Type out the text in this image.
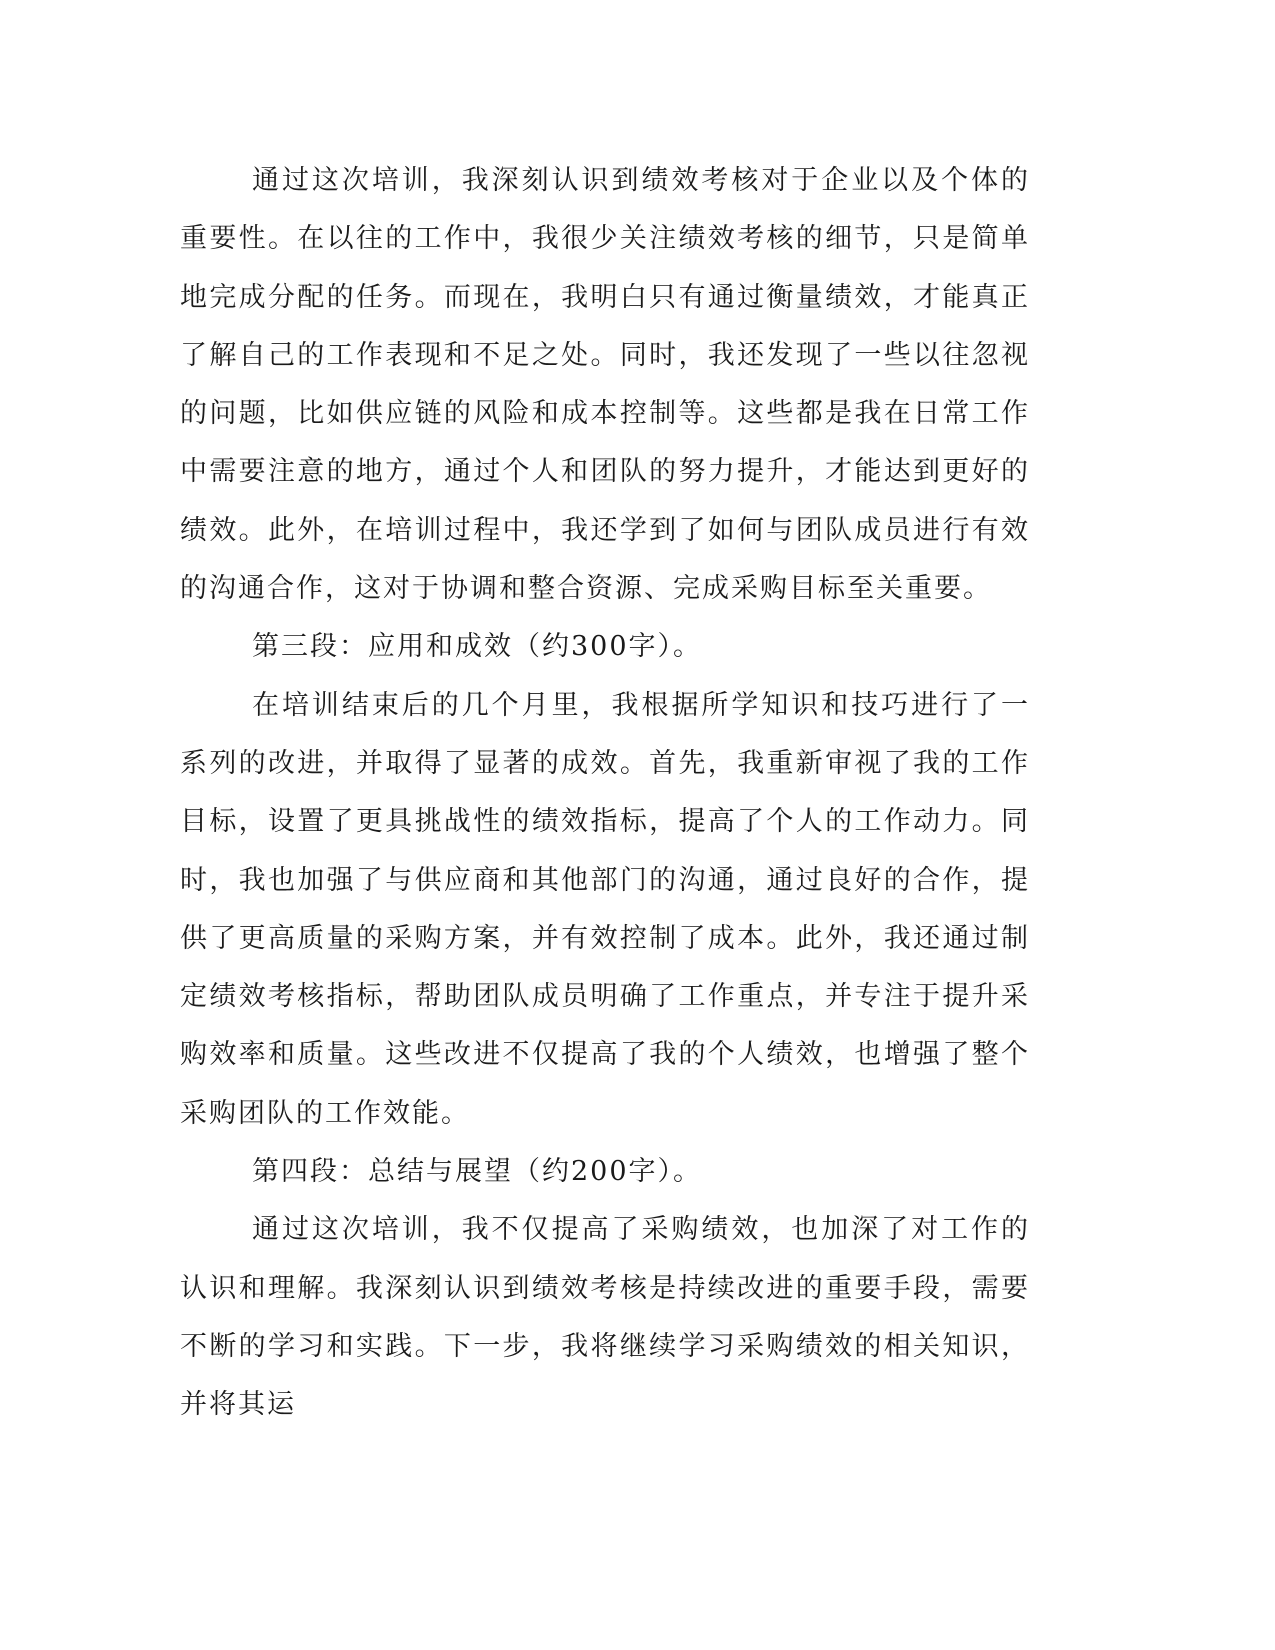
通过这次培训，我深刻认识到绩效考核对于企业以及个体的重要性。在以往的工作中，我很少关注绩效考核的细节，只是简单地完成分配的任务。而现在，我明白只有通过衡量绩效，才能真正了解自己的工作表现和不足之处。同时，我还发现了一些以往忽视的问题，比如供应链的风险和成本控制等。这些都是我在日常工作中需要注意的地方，通过个人和团队的努力提升，才能达到更好的绩效。此外，在培训过程中，我还学到了如何与团队成员进行有效的沟通合作，这对于协调和整合资源、完成采购目标至关重要。

第三段：应用和成效（约300字）。

在培训结束后的几个月里，我根据所学知识和技巧进行了一系列的改进，并取得了显著的成效。首先，我重新审视了我的工作目标，设置了更具挑战性的绩效指标，提高了个人的工作动力。同时，我也加强了与供应商和其他部门的沟通，通过良好的合作，提供了更高质量的采购方案，并有效控制了成本。此外，我还通过制定绩效考核指标，帮助团队成员明确了工作重点，并专注于提升采购效率和质量。这些改进不仅提高了我的个人绩效，也增强了整个采购团队的工作效能。

第四段：总结与展望（约200字）。

通过这次培训，我不仅提高了采购绩效，也加深了对工作的认识和理解。我深刻认识到绩效考核是持续改进的重要手段，需要不断的学习和实践。下一步，我将继续学习采购绩效的相关知识，并将其运
